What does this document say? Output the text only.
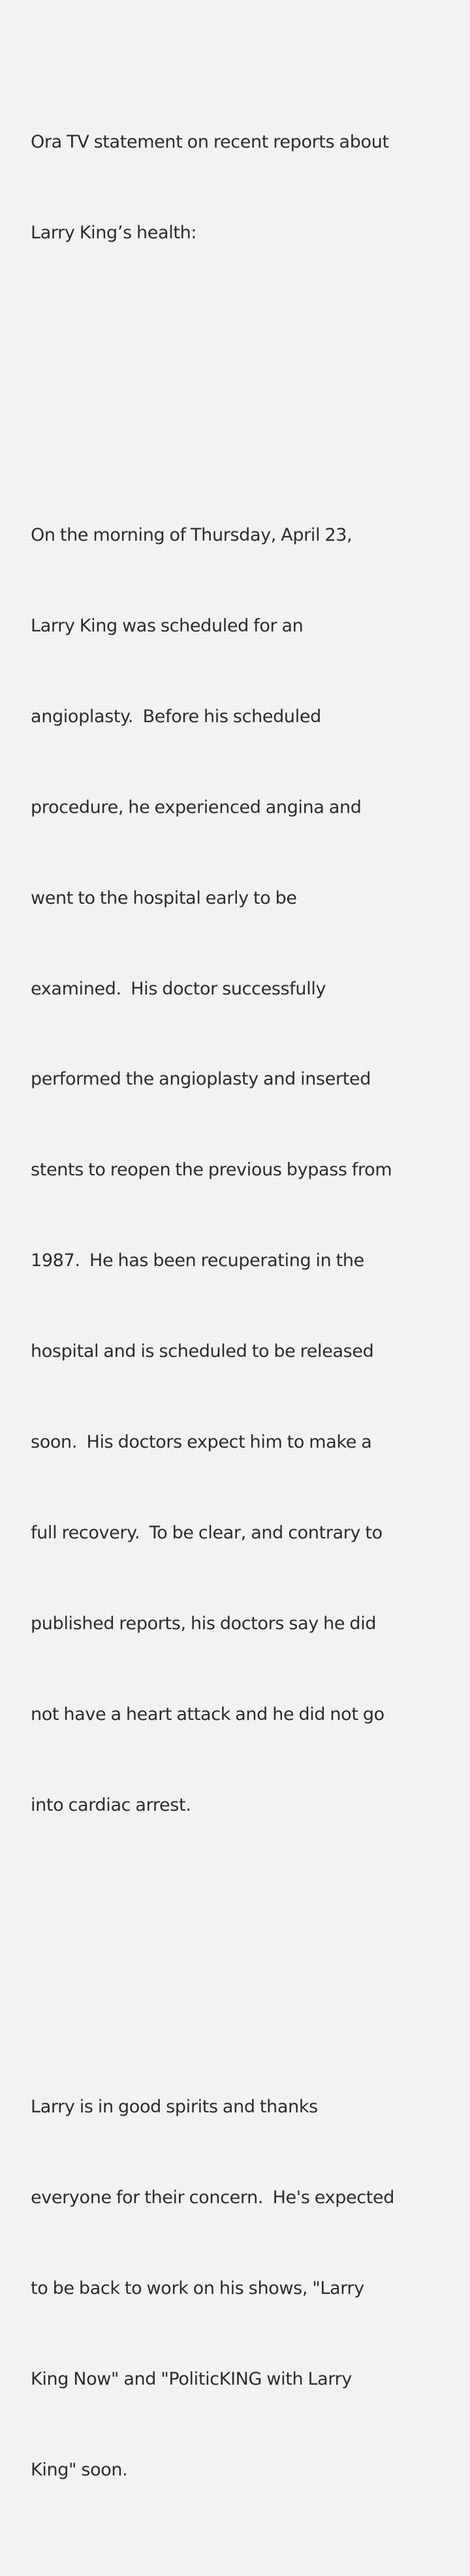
Ora TV statement on recent reports about

Larry King’s health:

On the morning of Thursday, April 23,

Larry King was scheduled for an

angioplasty.  Before his scheduled

procedure, he experienced angina and

went to the hospital early to be

examined.  His doctor successfully

performed the angioplasty and inserted

stents to reopen the previous bypass from

1987.  He has been recuperating in the

hospital and is scheduled to be released

soon.  His doctors expect him to make a

full recovery.  To be clear, and contrary to

published reports, his doctors say he did

not have a heart attack and he did not go

into cardiac arrest.

Larry is in good spirits and thanks

everyone for their concern.  He's expected

to be back to work on his shows, "Larry

King Now" and "PoliticKING with Larry

King" soon.
